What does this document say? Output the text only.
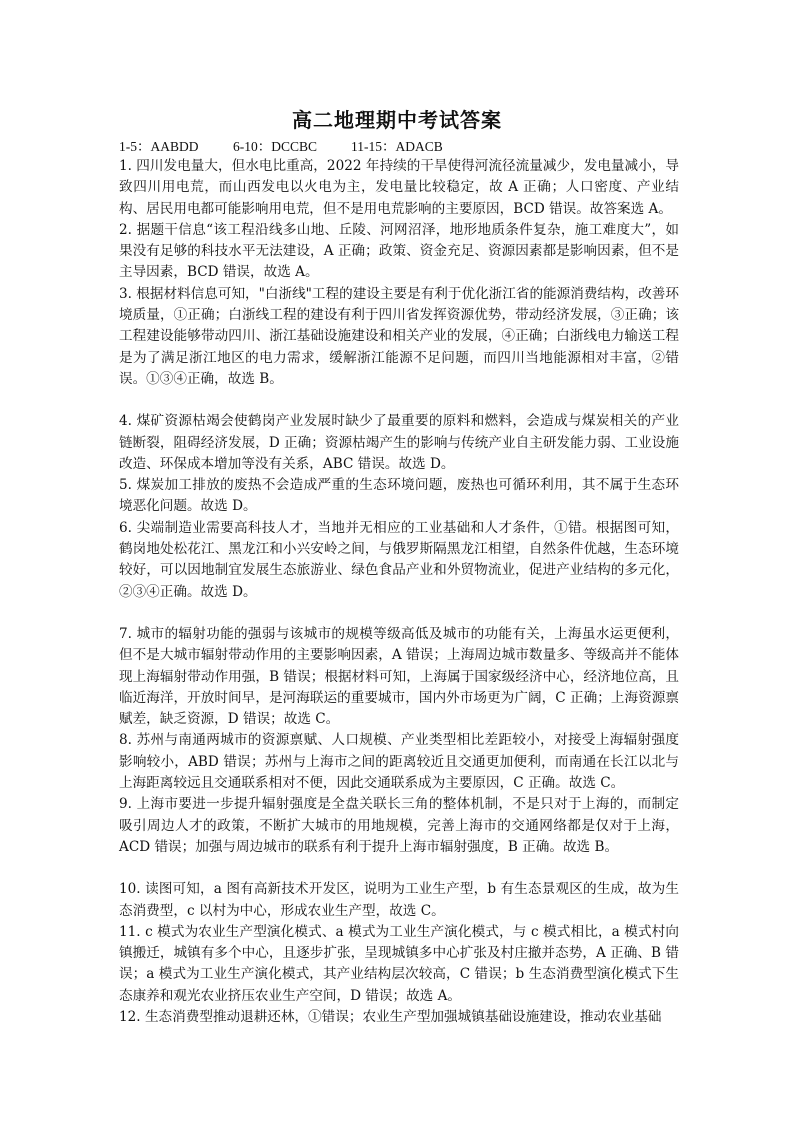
高二地理期中考试答案
1-5：AABDD	6-10：DCCBC	11-15：ADACB

1. 四川发电量大，但水电比重高，2022 年持续的干旱使得河流径流量减少，发电量减小，导致四川用电荒，而山西发电以火电为主，发电量比较稳定，故 A 正确；人口密度、产业结构、居民用电都可能影响用电荒，但不是用电荒影响的主要原因，BCD 错误。故答案选 A。

2. 据题干信息“该工程沿线多山地、丘陵、河网沼泽，地形地质条件复杂，施工难度大”，如果没有足够的科技水平无法建设，A 正确；政策、资金充足、资源因素都是影响因素，但不是主导因素，BCD 错误，故选 A。

3. 根据材料信息可知，"白浙线"工程的建设主要是有利于优化浙江省的能源消费结构，改善环境质量，①正确；白浙线工程的建设有利于四川省发挥资源优势，带动经济发展，③正确；该工程建设能够带动四川、浙江基础设施建设和相关产业的发展，④正确；白浙线电力输送工程是为了满足浙江地区的电力需求，缓解浙江能源不足问题，而四川当地能源相对丰富，②错误。①③④正确，故选 B。

4. 煤矿资源枯竭会使鹤岗产业发展时缺少了最重要的原料和燃料，会造成与煤炭相关的产业链断裂，阻碍经济发展，D 正确；资源枯竭产生的影响与传统产业自主研发能力弱、工业设施改造、环保成本增加等没有关系，ABC 错误。故选 D。

5. 煤炭加工排放的废热不会造成严重的生态环境问题，废热也可循环利用，其不属于生态环境恶化问题。故选 D。

6. 尖端制造业需要高科技人才，当地并无相应的工业基础和人才条件，①错。根据图可知，鹤岗地处松花江、黑龙江和小兴安岭之间，与俄罗斯隔黑龙江相望，自然条件优越，生态环境较好，可以因地制宜发展生态旅游业、绿色食品产业和外贸物流业，促进产业结构的多元化，②③④正确。故选 D。

7. 城市的辐射功能的强弱与该城市的规模等级高低及城市的功能有关，上海虽水运更便利，但不是大城市辐射带动作用的主要影响因素，A 错误；上海周边城市数量多、等级高并不能体现上海辐射带动作用强，B 错误；根据材料可知，上海属于国家级经济中心，经济地位高，且临近海洋，开放时间早，是河海联运的重要城市，国内外市场更为广阔，C 正确；上海资源禀赋差，缺乏资源，D 错误；故选 C。

8. 苏州与南通两城市的资源禀赋、人口规模、产业类型相比差距较小，对接受上海辐射强度影响较小，ABD 错误；苏州与上海市之间的距离较近且交通更加便利，而南通在长江以北与上海距离较远且交通联系相对不便，因此交通联系成为主要原因，C 正确。故选 C。

9. 上海市要进一步提升辐射强度是全盘关联长三角的整体机制，不是只对于上海的，而制定吸引周边人才的政策，不断扩大城市的用地规模，完善上海市的交通网络都是仅对于上海，ACD 错误；加强与周边城市的联系有利于提升上海市辐射强度，B 正确。故选 B。

10. 读图可知，a 图有高新技术开发区，说明为工业生产型，b 有生态景观区的生成，故为生态消费型，c 以村为中心，形成农业生产型，故选 C。

11. c 模式为农业生产型演化模式、a 模式为工业生产演化模式，与 c 模式相比，a 模式村向镇搬迁，城镇有多个中心，且逐步扩张，呈现城镇多中心扩张及村庄撤并态势，A 正确、B 错误；a 模式为工业生产演化模式，其产业结构层次较高，C 错误；b 生态消费型演化模式下生态康养和观光农业挤压农业生产空间，D 错误；故选 A。

12. 生态消费型推动退耕还林，①错误；农业生产型加强城镇基础设施建设，推动农业基础
